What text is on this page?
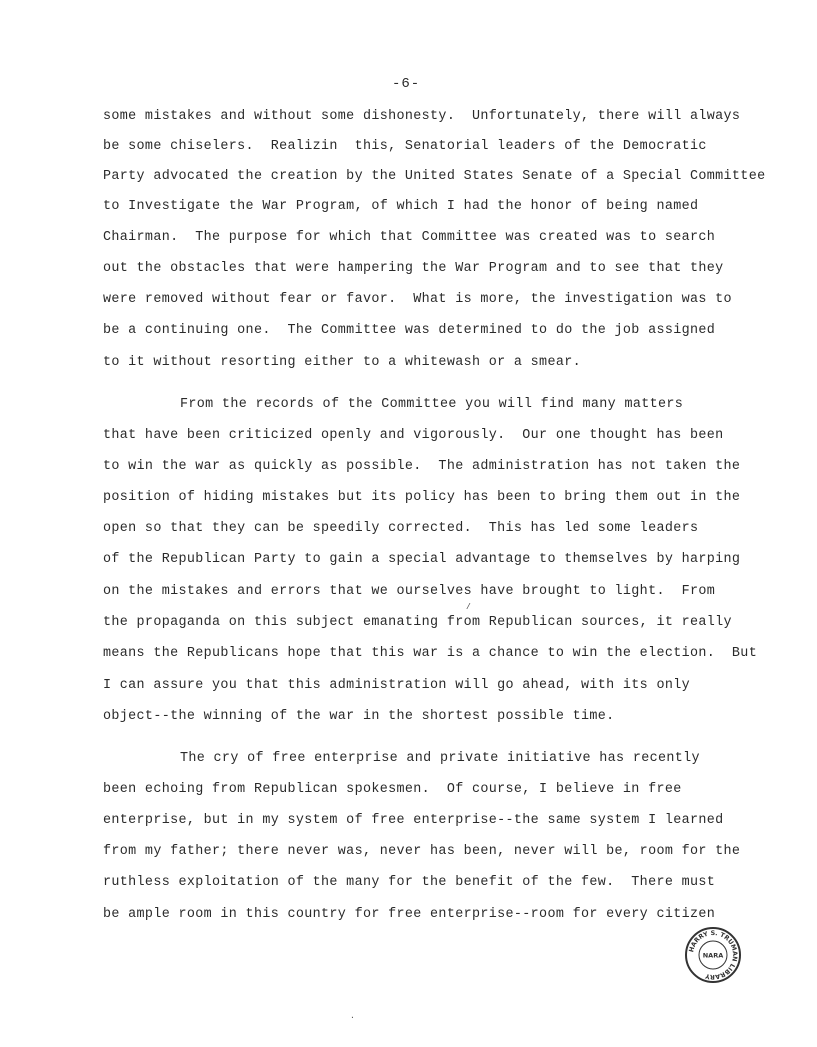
-6-
some mistakes and without some dishonesty.  Unfortunately, there will always
be some chiselers.  Realizin  this, Senatorial leaders of the Democratic
Party advocated the creation by the United States Senate of a Special Committee
to Investigate the War Program, of which I had the honor of being named
Chairman.  The purpose for which that Committee was created was to search
out the obstacles that were hampering the War Program and to see that they
were removed without fear or favor.  What is more, the investigation was to
be a continuing one.  The Committee was determined to do the job assigned
to it without resorting either to a whitewash or a smear.
From the records of the Committee you will find many matters
that have been criticized openly and vigorously.  Our one thought has been
to win the war as quickly as possible.  The administration has not taken the
position of hiding mistakes but its policy has been to bring them out in the
open so that they can be speedily corrected.  This has led some leaders
of the Republican Party to gain a special advantage to themselves by harping
on the mistakes and errors that we ourselves have brought to light.  From
the propaganda on this subject emanating from Republican sources, it really
means the Republicans hope that this war is a chance to win the election.  But
I can assure you that this administration will go ahead, with its only
object--the winning of the war in the shortest possible time.
The cry of free enterprise and private initiative has recently
been echoing from Republican spokesmen.  Of course, I believe in free
enterprise, but in my system of free enterprise--the same system I learned
from my father; there never was, never has been, never will be, room for the
ruthless exploitation of the many for the benefit of the few.  There must
be ample room in this country for free enterprise--room for every citizen
/
.
HARRY S. TRUMAN LIBRARY
NARA
